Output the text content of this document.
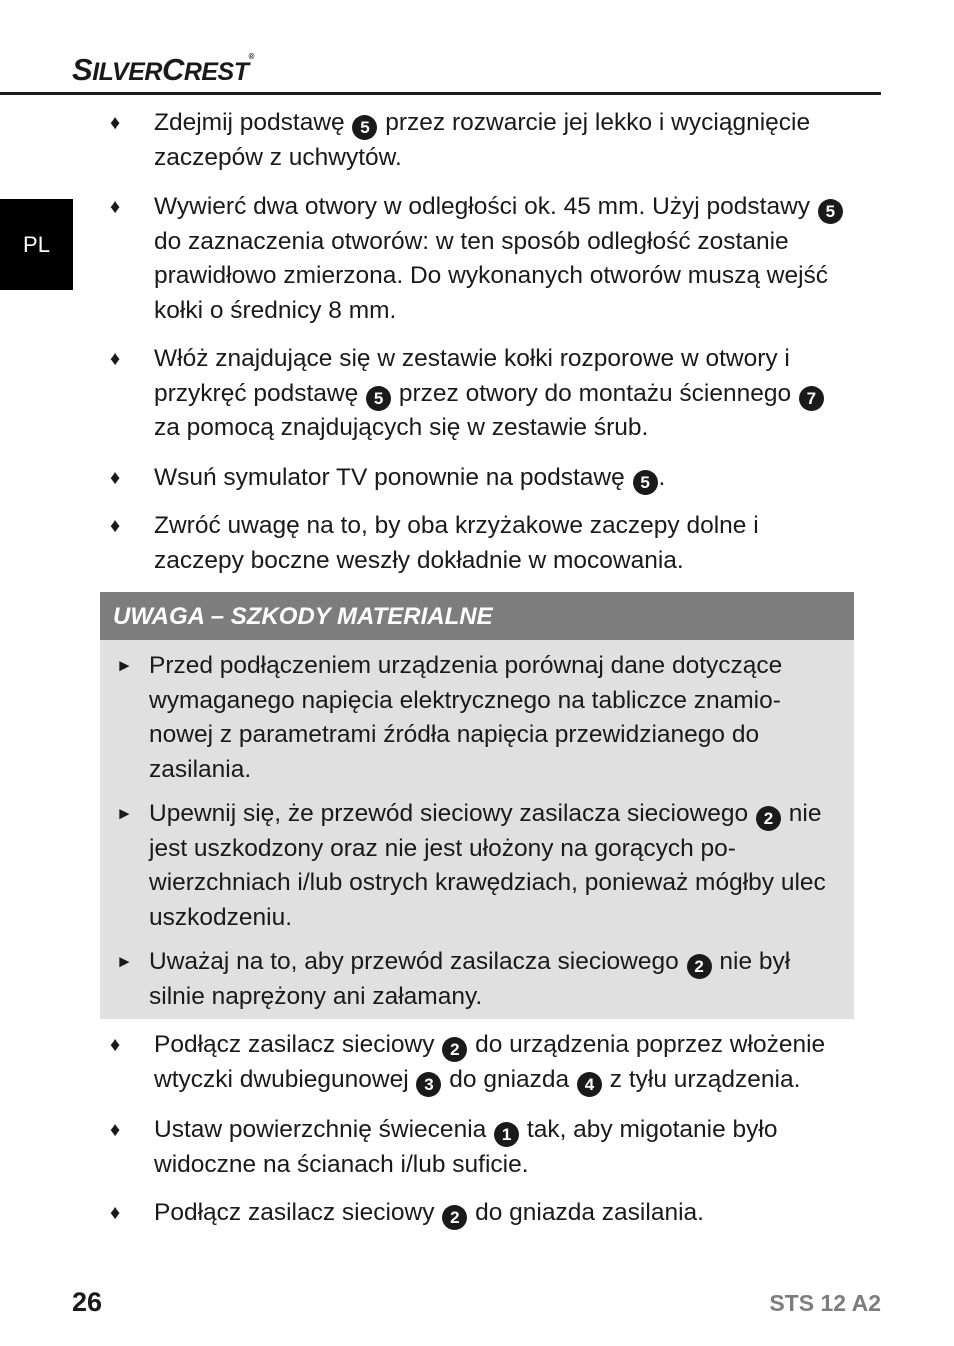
SILVERCREST®
PL
♦ Zdejmij podstawę 5 przez rozwarcie jej lekko i wyciągnięcie zaczepów z uchwytów.
♦ Wywierć dwa otwory w odległości ok. 45 mm. Użyj podstawy 5 do zaznaczenia otworów: w ten sposób odległość zostanie prawidłowo zmierzona. Do wykonanych otworów muszą wejść kołki o średnicy 8 mm.
♦ Włóż znajdujące się w zestawie kołki rozporowe w otwory i przykręć podstawę 5 przez otwory do montażu ściennego 7 za pomocą znajdujących się w zestawie śrub.
♦ Wsuń symulator TV ponownie na podstawę 5 .
♦ Zwróć uwagę na to, by oba krzyżakowe zaczepy dolne i zaczepy boczne weszły dokładnie w mocowania.
UWAGA – SZKODY MATERIALNE
► Przed podłączeniem urządzenia porównaj dane dotyczące wymaganego napięcia elektrycznego na tabliczce znamio-nowej z parametrami źródła napięcia przewidzianego do zasilania.
► Upewnij się, że przewód sieciowy zasilacza sieciowego 2 nie jest uszkodzony oraz nie jest ułożony na gorących po-wierzchniach i/lub ostrych krawędziach, ponieważ mógłby ulec uszkodzeniu.
► Uważaj na to, aby przewód zasilacza sieciowego 2 nie był silnie naprężony ani załamany.
♦ Podłącz zasilacz sieciowy 2 do urządzenia poprzez włożenie wtyczki dwubiegunowej 3 do gniazda 4 z tyłu urządzenia.
♦ Ustaw powierzchnię świecenia 1 tak, aby migotanie było widoczne na ścianach i/lub suficie.
♦ Podłącz zasilacz sieciowy 2 do gniazda zasilania.
26	STS 12 A2
